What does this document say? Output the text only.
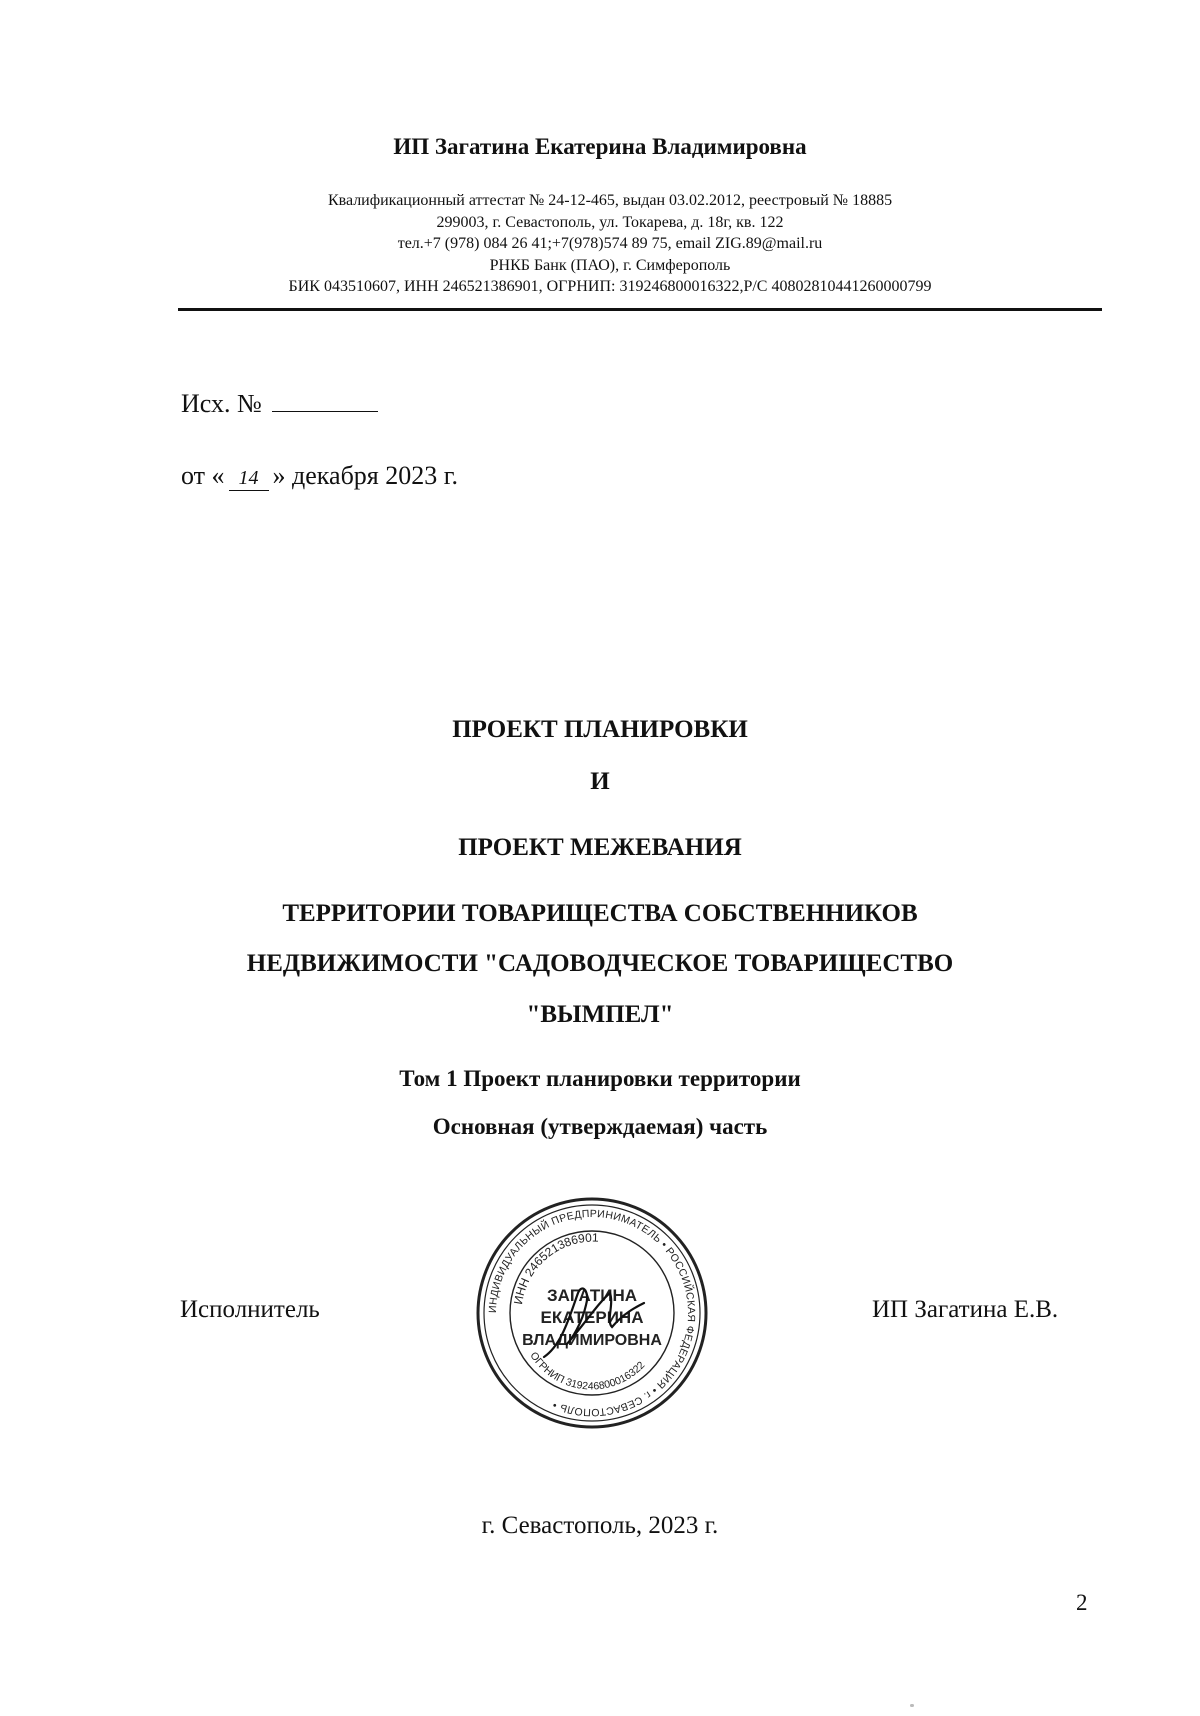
ИП Загатина Екатерина Владимировна
Квалификационный аттестат № 24-12-465, выдан 03.02.2012, реестровый № 18885
299003, г. Севастополь, ул. Токарева, д. 18г, кв. 122
тел.+7 (978) 084 26 41;+7(978)574 89 75, email ZIG.89@mail.ru
РНКБ Банк (ПАО), г. Симферополь
БИК 043510607, ИНН 246521386901, ОГРНИП: 319246800016322,Р/С 40802810441260000799
Исх. №
от « 14 » декабря 2023 г.
ПРОЕКТ ПЛАНИРОВКИ
И
ПРОЕКТ МЕЖЕВАНИЯ
ТЕРРИТОРИИ ТОВАРИЩЕСТВА СОБСТВЕННИКОВ
НЕДВИЖИМОСТИ "САДОВОДЧЕСКОЕ ТОВАРИЩЕСТВО
"ВЫМПЕЛ"
Том 1 Проект планировки территории
Основная (утверждаемая) часть
Исполнитель	ИНДИВИДУАЛЬНЫЙ ПРЕДПРИНИМАТЕЛЬ • РОССИЙСКАЯ ФЕДЕРАЦИЯ • г. СЕВАСТОПОЛЬ •
ИНН 246521386901
ЗАГАТИНА
ЕКАТЕРИНА
ВЛАДИМИРОВНА
ОГРНИП 319246800016322
ИП Загатина Е.В.
г. Севастополь, 2023 г.
2
